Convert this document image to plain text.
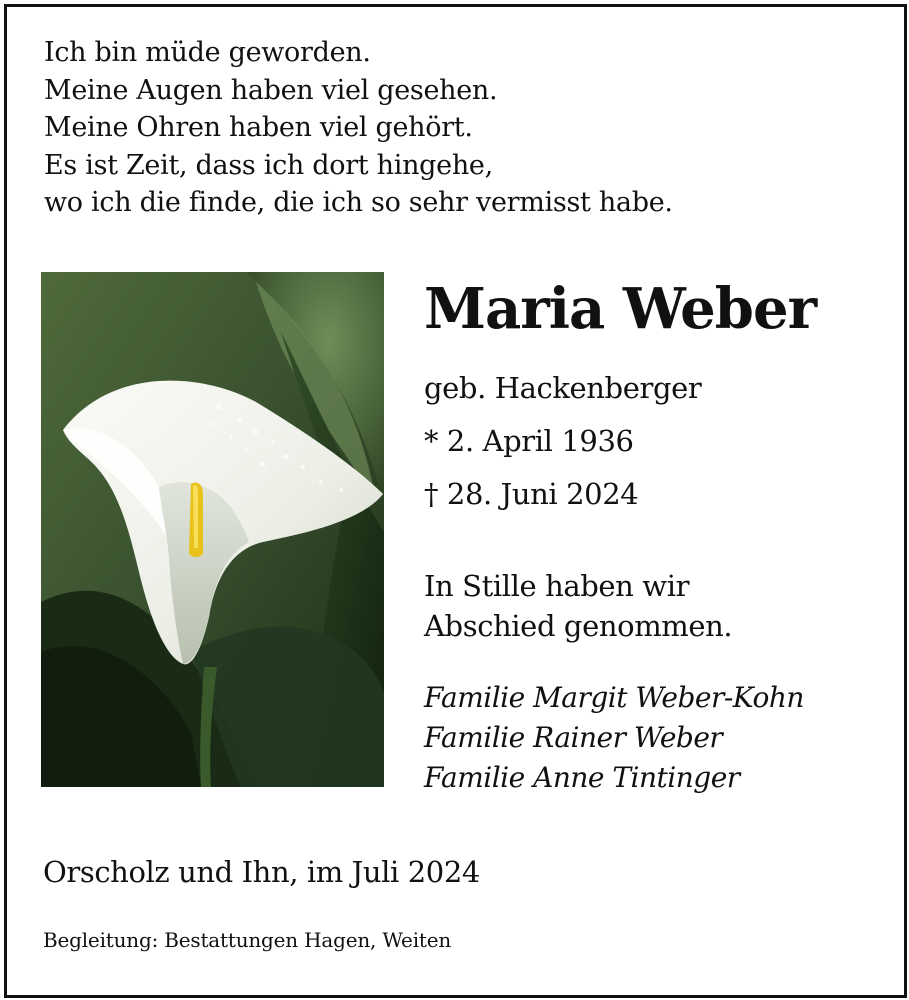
Ich bin müde geworden.
Meine Augen haben viel gesehen.
Meine Ohren haben viel gehört.
Es ist Zeit, dass ich dort hingehe,
wo ich die finde, die ich so sehr vermisst habe.
Maria Weber
geb. Hackenberger
* 2. April 1936
† 28. Juni 2024
In Stille haben wir
Abschied genommen.
Familie Margit Weber-Kohn
Familie Rainer Weber
Familie Anne Tintinger
Orscholz und Ihn, im Juli 2024
Begleitung: Bestattungen Hagen, Weiten
